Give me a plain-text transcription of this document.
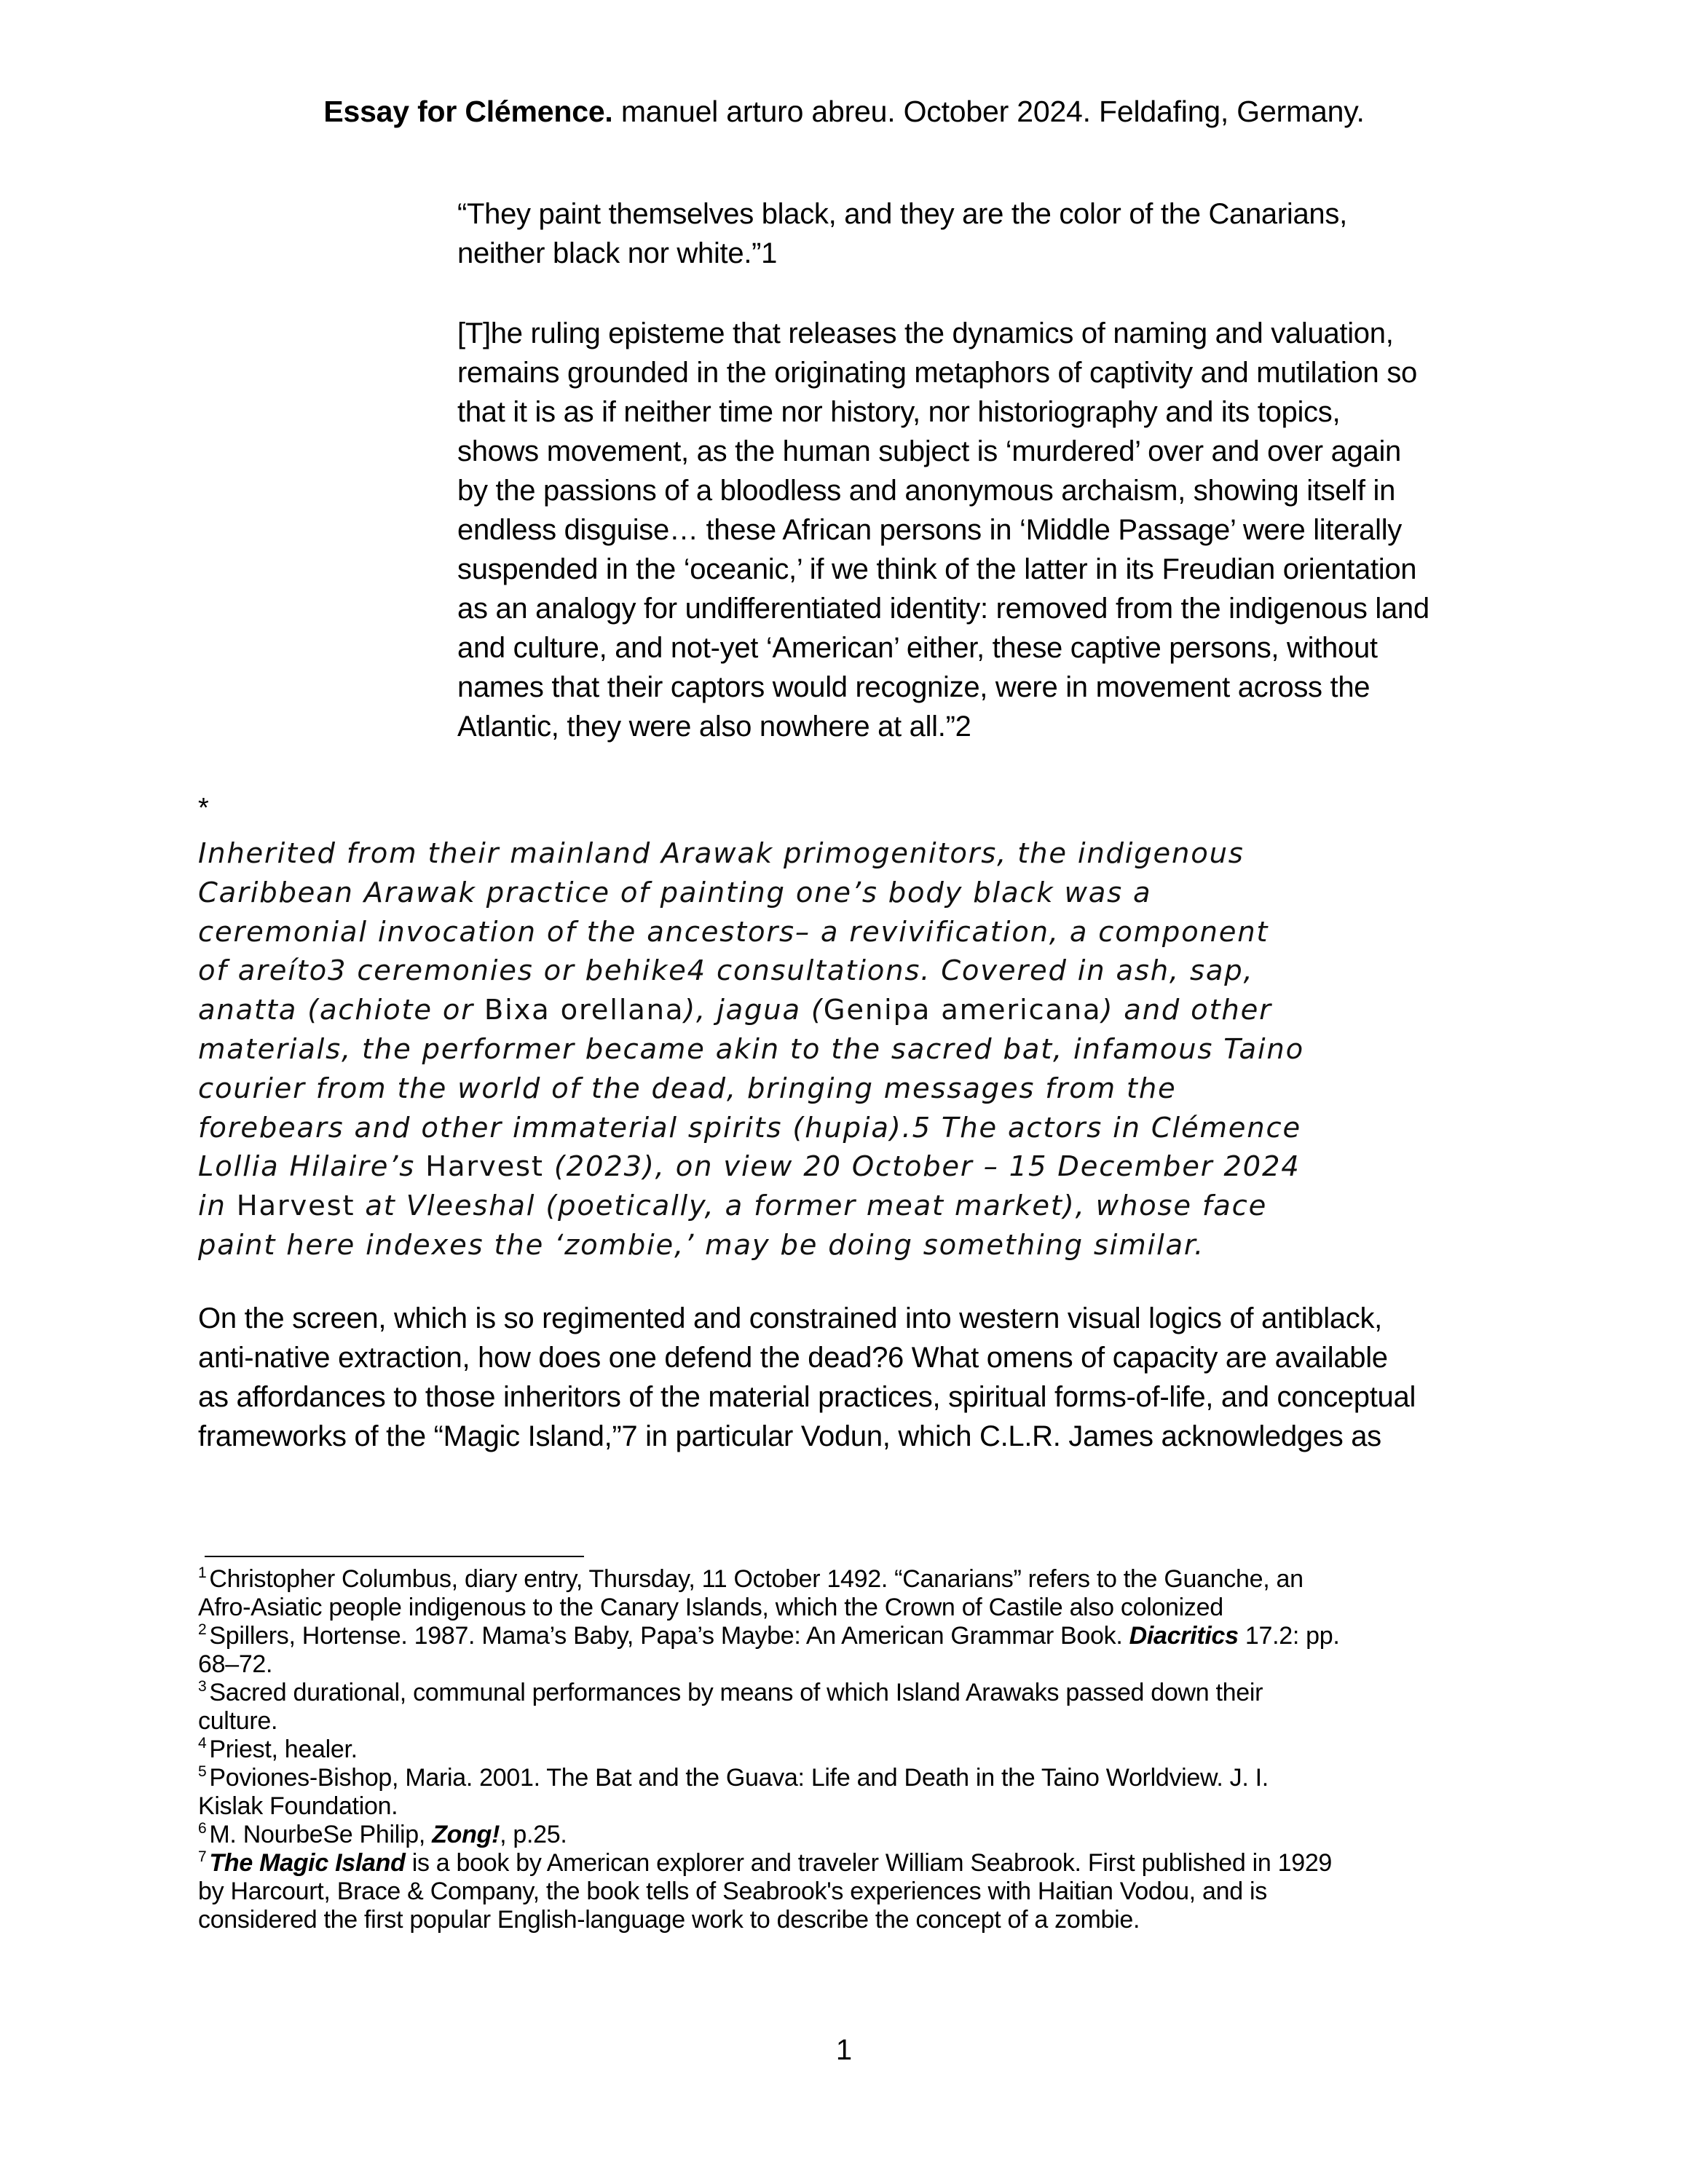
Essay for Clémence. manuel arturo abreu. October 2024. Feldafing, Germany.
“They paint themselves black, and they are the color of the Canarians,
neither black nor white.”1
[T]he ruling episteme that releases the dynamics of naming and valuation,
remains grounded in the originating metaphors of captivity and mutilation so
that it is as if neither time nor history, nor historiography and its topics,
shows movement, as the human subject is ‘murdered’ over and over again
by the passions of a bloodless and anonymous archaism, showing itself in
endless disguise… these African persons in ‘Middle Passage’ were literally
suspended in the ‘oceanic,’ if we think of the latter in its Freudian orientation
as an analogy for undifferentiated identity: removed from the indigenous land
and culture, and not-yet ‘American’ either, these captive persons, without
names that their captors would recognize, were in movement across the
Atlantic, they were also nowhere at all.”2
*
Inherited from their mainland Arawak primogenitors, the indigenous
Caribbean Arawak practice of painting one’s body black was a
ceremonial invocation of the ancestors– a revivification, a component
of areíto3 ceremonies or behike4 consultations. Covered in ash, sap,
anatta (achiote or Bixa orellana), jagua (Genipa americana) and other
materials, the performer became akin to the sacred bat, infamous Taino
courier from the world of the dead, bringing messages from the
forebears and other immaterial spirits (hupia).5 The actors in Clémence
Lollia Hilaire’s Harvest (2023), on view 20 October – 15 December 2024
in Harvest at Vleeshal (poetically, a former meat market), whose face
paint here indexes the ‘zombie,’ may be doing something similar.
On the screen, which is so regimented and constrained into western visual logics of antiblack,
anti-native extraction, how does one defend the dead?6 What omens of capacity are available
as affordances to those inheritors of the material practices, spiritual forms-of-life, and conceptual
frameworks of the “Magic Island,”7 in particular Vodun, which C.L.R. James acknowledges as
$^1$ Christopher Columbus, diary entry, Thursday, 11 October 1492. “Canarians” refers to the Guanche, an
Afro-Asiatic people indigenous to the Canary Islands, which the Crown of Castile also colonized
$^2$ Spillers, Hortense. 1987. Mama’s Baby, Papa’s Maybe: An American Grammar Book. Diacritics 17.2: pp.
68–72.
$^3$ Sacred durational, communal performances by means of which Island Arawaks passed down their
culture.
$^4$ Priest, healer.
$^5$ Poviones-Bishop, Maria. 2001. The Bat and the Guava: Life and Death in the Taino Worldview. J. I.
Kislak Foundation.
$^6$ M. NourbeSe Philip, Zong!, p.25.
$^7$ The Magic Island is a book by American explorer and traveler William Seabrook. First published in 1929
by Harcourt, Brace & Company, the book tells of Seabrook's experiences with Haitian Vodou, and is
considered the first popular English-language work to describe the concept of a zombie.
1
